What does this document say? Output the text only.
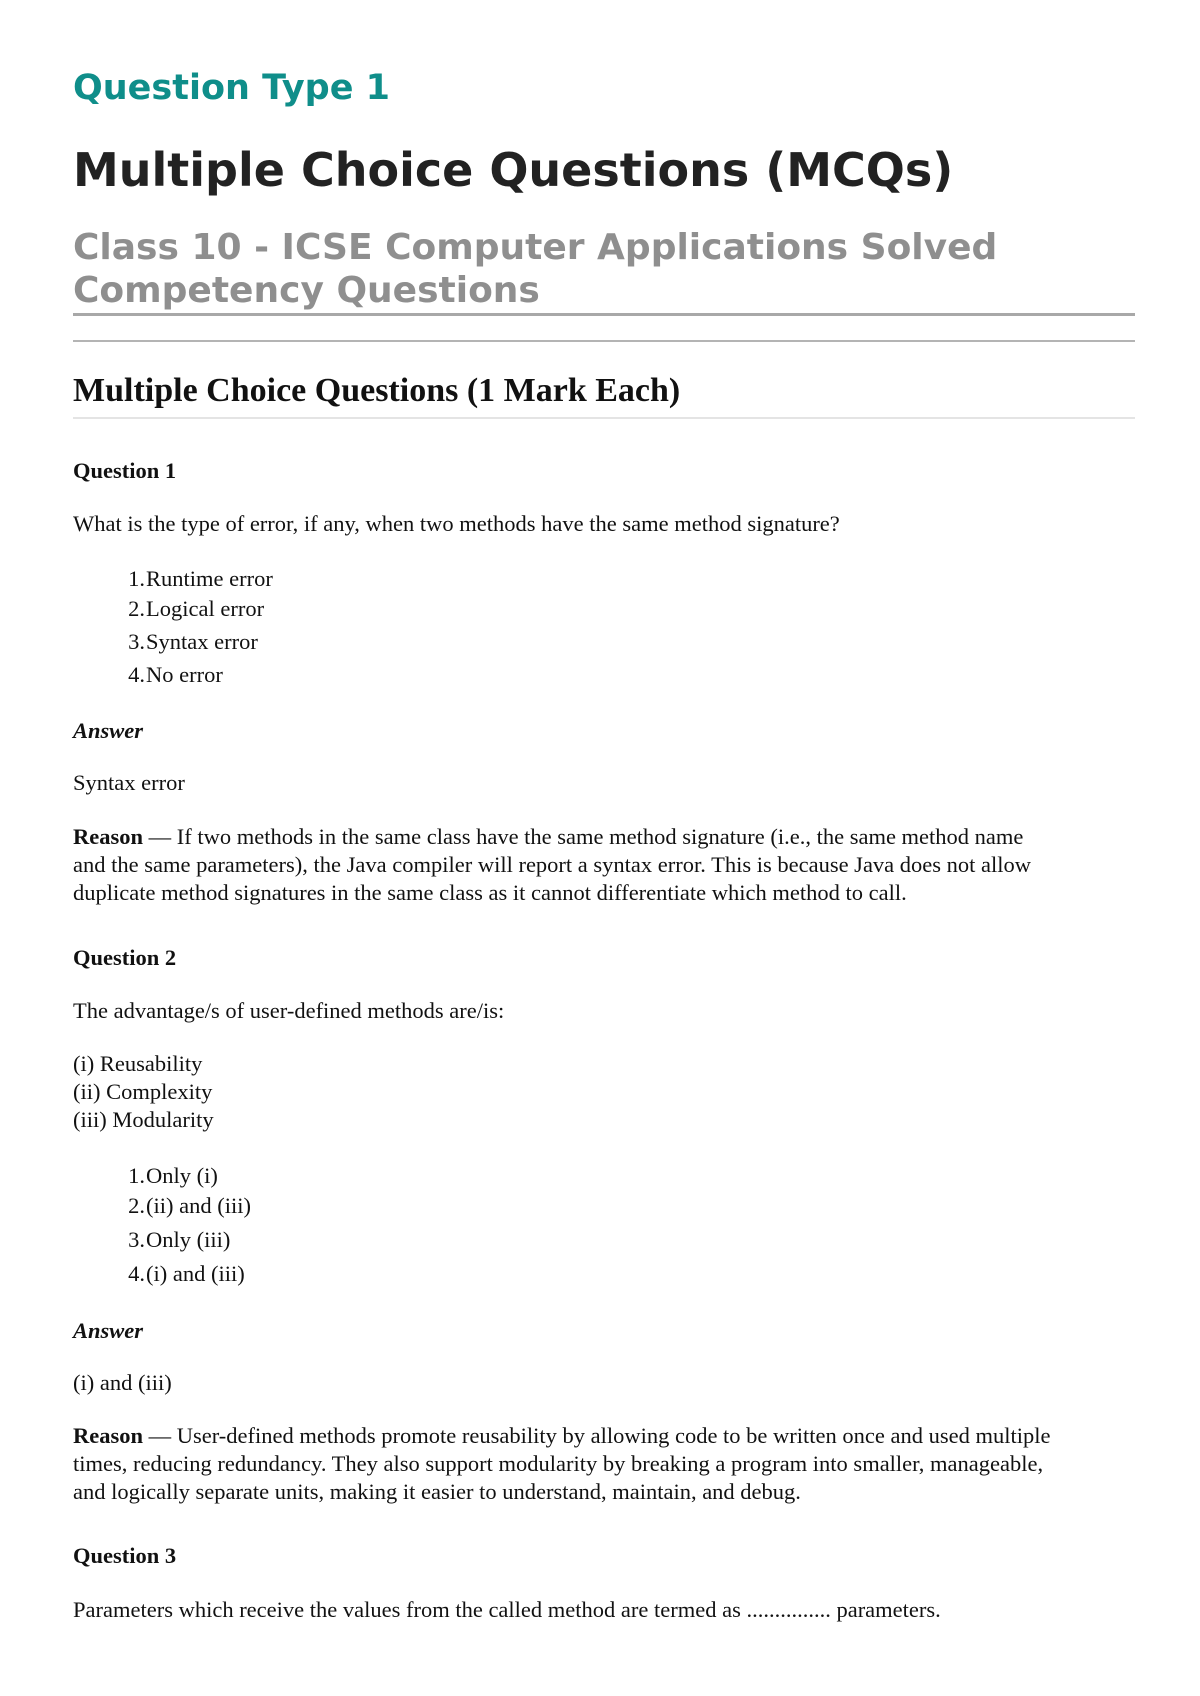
Question Type 1
Multiple Choice Questions (MCQs)
Class 10 - ICSE Computer Applications Solved
Competency Questions
Multiple Choice Questions (1 Mark Each)
Question 1
What is the type of error, if any, when two methods have the same method signature?
1. Runtime error
2. Logical error
3. Syntax error
4. No error
Answer
Syntax error
Reason — If two methods in the same class have the same method signature (i.e., the same method name
and the same parameters), the Java compiler will report a syntax error. This is because Java does not allow
duplicate method signatures in the same class as it cannot differentiate which method to call.
Question 2
The advantage/s of user-defined methods are/is:
(i) Reusability
(ii) Complexity
(iii) Modularity
1. Only (i)
2. (ii) and (iii)
3. Only (iii)
4. (i) and (iii)
Answer
(i) and (iii)
Reason — User-defined methods promote reusability by allowing code to be written once and used multiple
times, reducing redundancy. They also support modularity by breaking a program into smaller, manageable,
and logically separate units, making it easier to understand, maintain, and debug.
Question 3
Parameters which receive the values from the called method are termed as ............... parameters.
